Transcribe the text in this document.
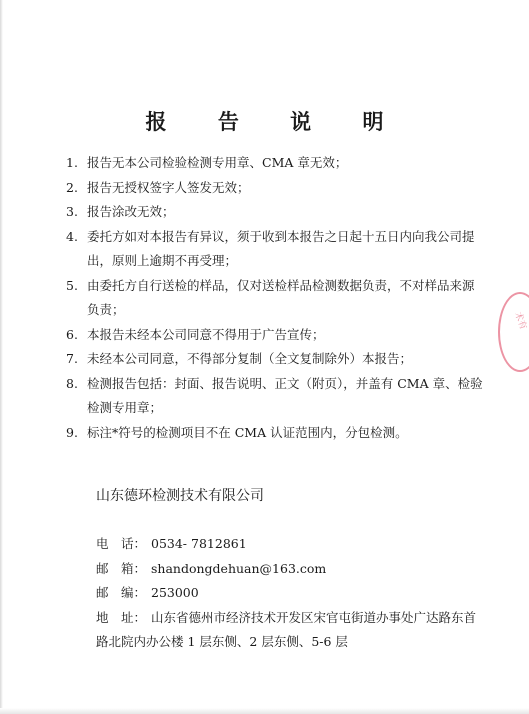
报 告 说 明
1. 报告无本公司检验检测专用章、CMA 章无效；
2. 报告无授权签字人签发无效；
3. 报告涂改无效；
4. 委托方如对本报告有异议，须于收到本报告之日起十五日内向我公司提出，原则上逾期不再受理；
5. 由委托方自行送检的样品，仅对送检样品检测数据负责，不对样品来源负责；
6. 本报告未经本公司同意不得用于广告宣传；
7. 未经本公司同意，不得部分复制（全文复制除外）本报告；
8. 检测报告包括：封面、报告说明、正文（附页），并盖有 CMA 章、检验检测专用章；
9. 标注*符号的检测项目不在 CMA 认证范围内，分包检测。
山东德环检测技术有限公司
电　话： 0534- 7812861
邮　箱： shandongdehuan@163.com
邮　编： 253000
地　址： 山东省德州市经济技术开发区宋官屯街道办事处广达路东首路北院内办公楼 1 层东侧、2 层东侧、5-6 层
术有
